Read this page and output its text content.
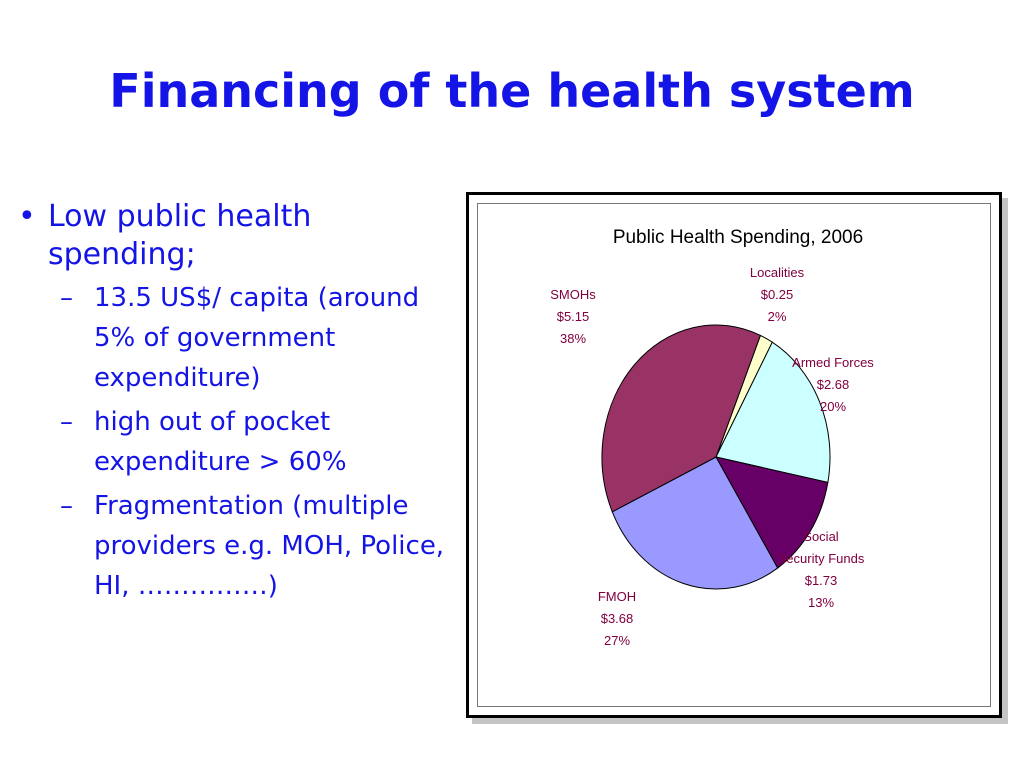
Financing of the health system
• Low public health spending;
– 13.5 US$/ capita (around 5% of government expenditure)
– high out of pocket expenditure > 60%
– Fragmentation (multiple providers e.g. MOH, Police, HI, ……………)
Public Health Spending, 2006
Localities $0.25 2%
Armed Forces $2.68 20%
Social Security Funds $1.73 13%
FMOH $3.68 27%
SMOHs $5.15 38%
